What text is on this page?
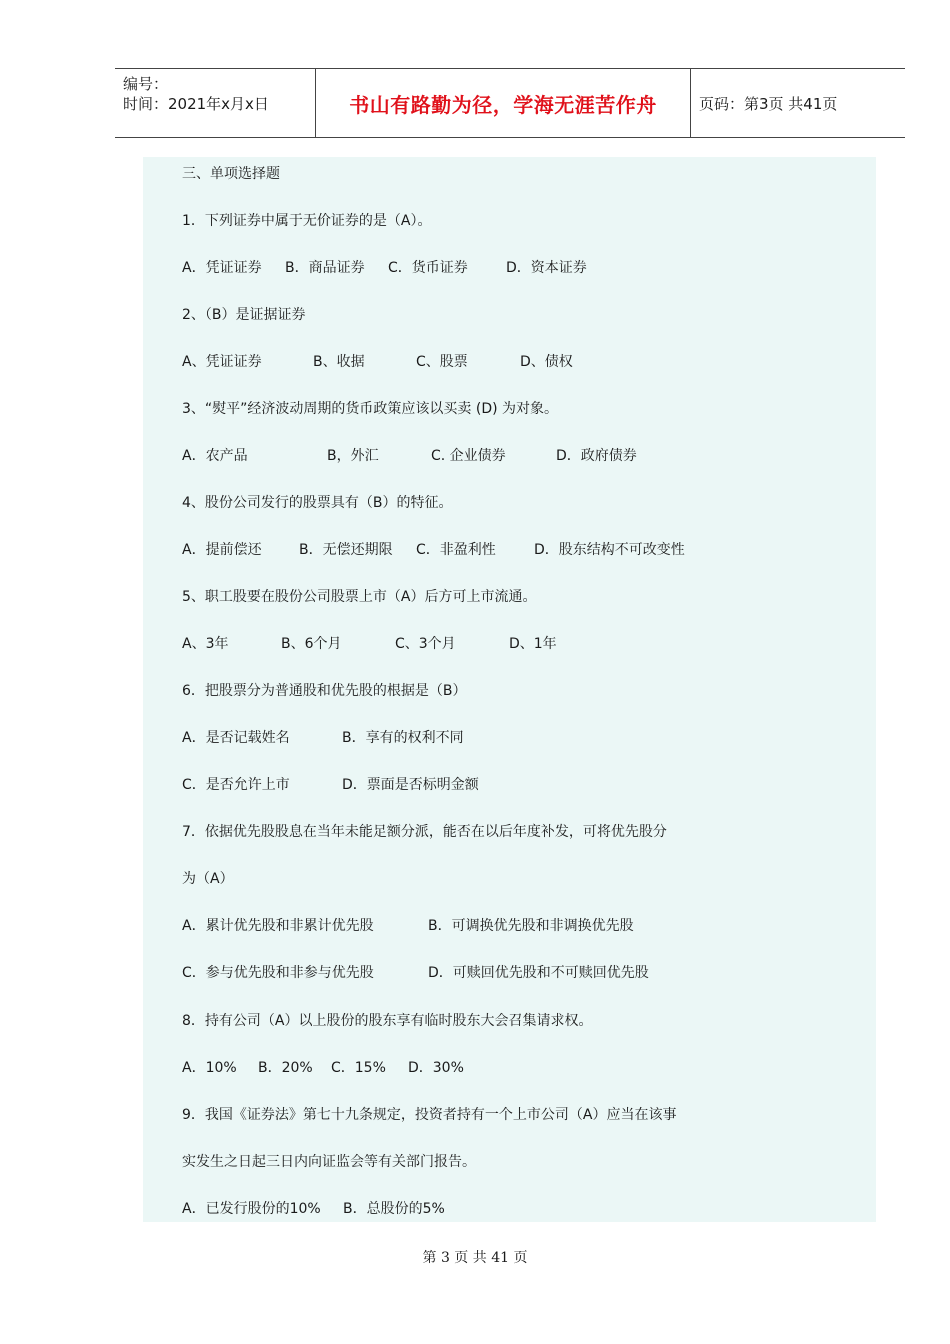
编号：
时间：2021年x月x日	书山有路勤为径，学海无涯苦作舟	页码：第3页 共41页
三、单项选择题
1．下列证券中属于无价证券的是（A）。
A．凭证证券 B．商品证券 C．货币证券	D．资本证券
2、（B）是证据证券
A、凭证证券	B、收据	C、股票	D、债权
3、“熨平”经济波动周期的货币政策应该以买卖 (D) 为对象。
A．农产品	B，外汇	C. 企业债券	D．政府债券
4、股份公司发行的股票具有（B）的特征。
A．提前偿还	B．无偿还期限 C．非盈利性	D．股东结构不可改变性
5、职工股要在股份公司股票上市（A）后方可上市流通。
A、3年	B、6个月	C、3个月	D、1年
6．把股票分为普通股和优先股的根据是（B）
A．是否记载姓名	B．享有的权利不同
C．是否允许上市	D．票面是否标明金额
7．依据优先股股息在当年未能足额分派，能否在以后年度补发，可将优先股分
为（A）
A．累计优先股和非累计优先股	B．可调换优先股和非调换优先股
C．参与优先股和非参与优先股	D．可赎回优先股和不可赎回优先股
8．持有公司（A）以上股份的股东享有临时股东大会召集请求权。
A．10% B．20% C．15% D．30%
9．我国《证券法》第七十九条规定，投资者持有一个上市公司（A）应当在该事
实发生之日起三日内向证监会等有关部门报告。
A．已发行股份的10% B．总股份的5%
第 3 页 共 41 页
